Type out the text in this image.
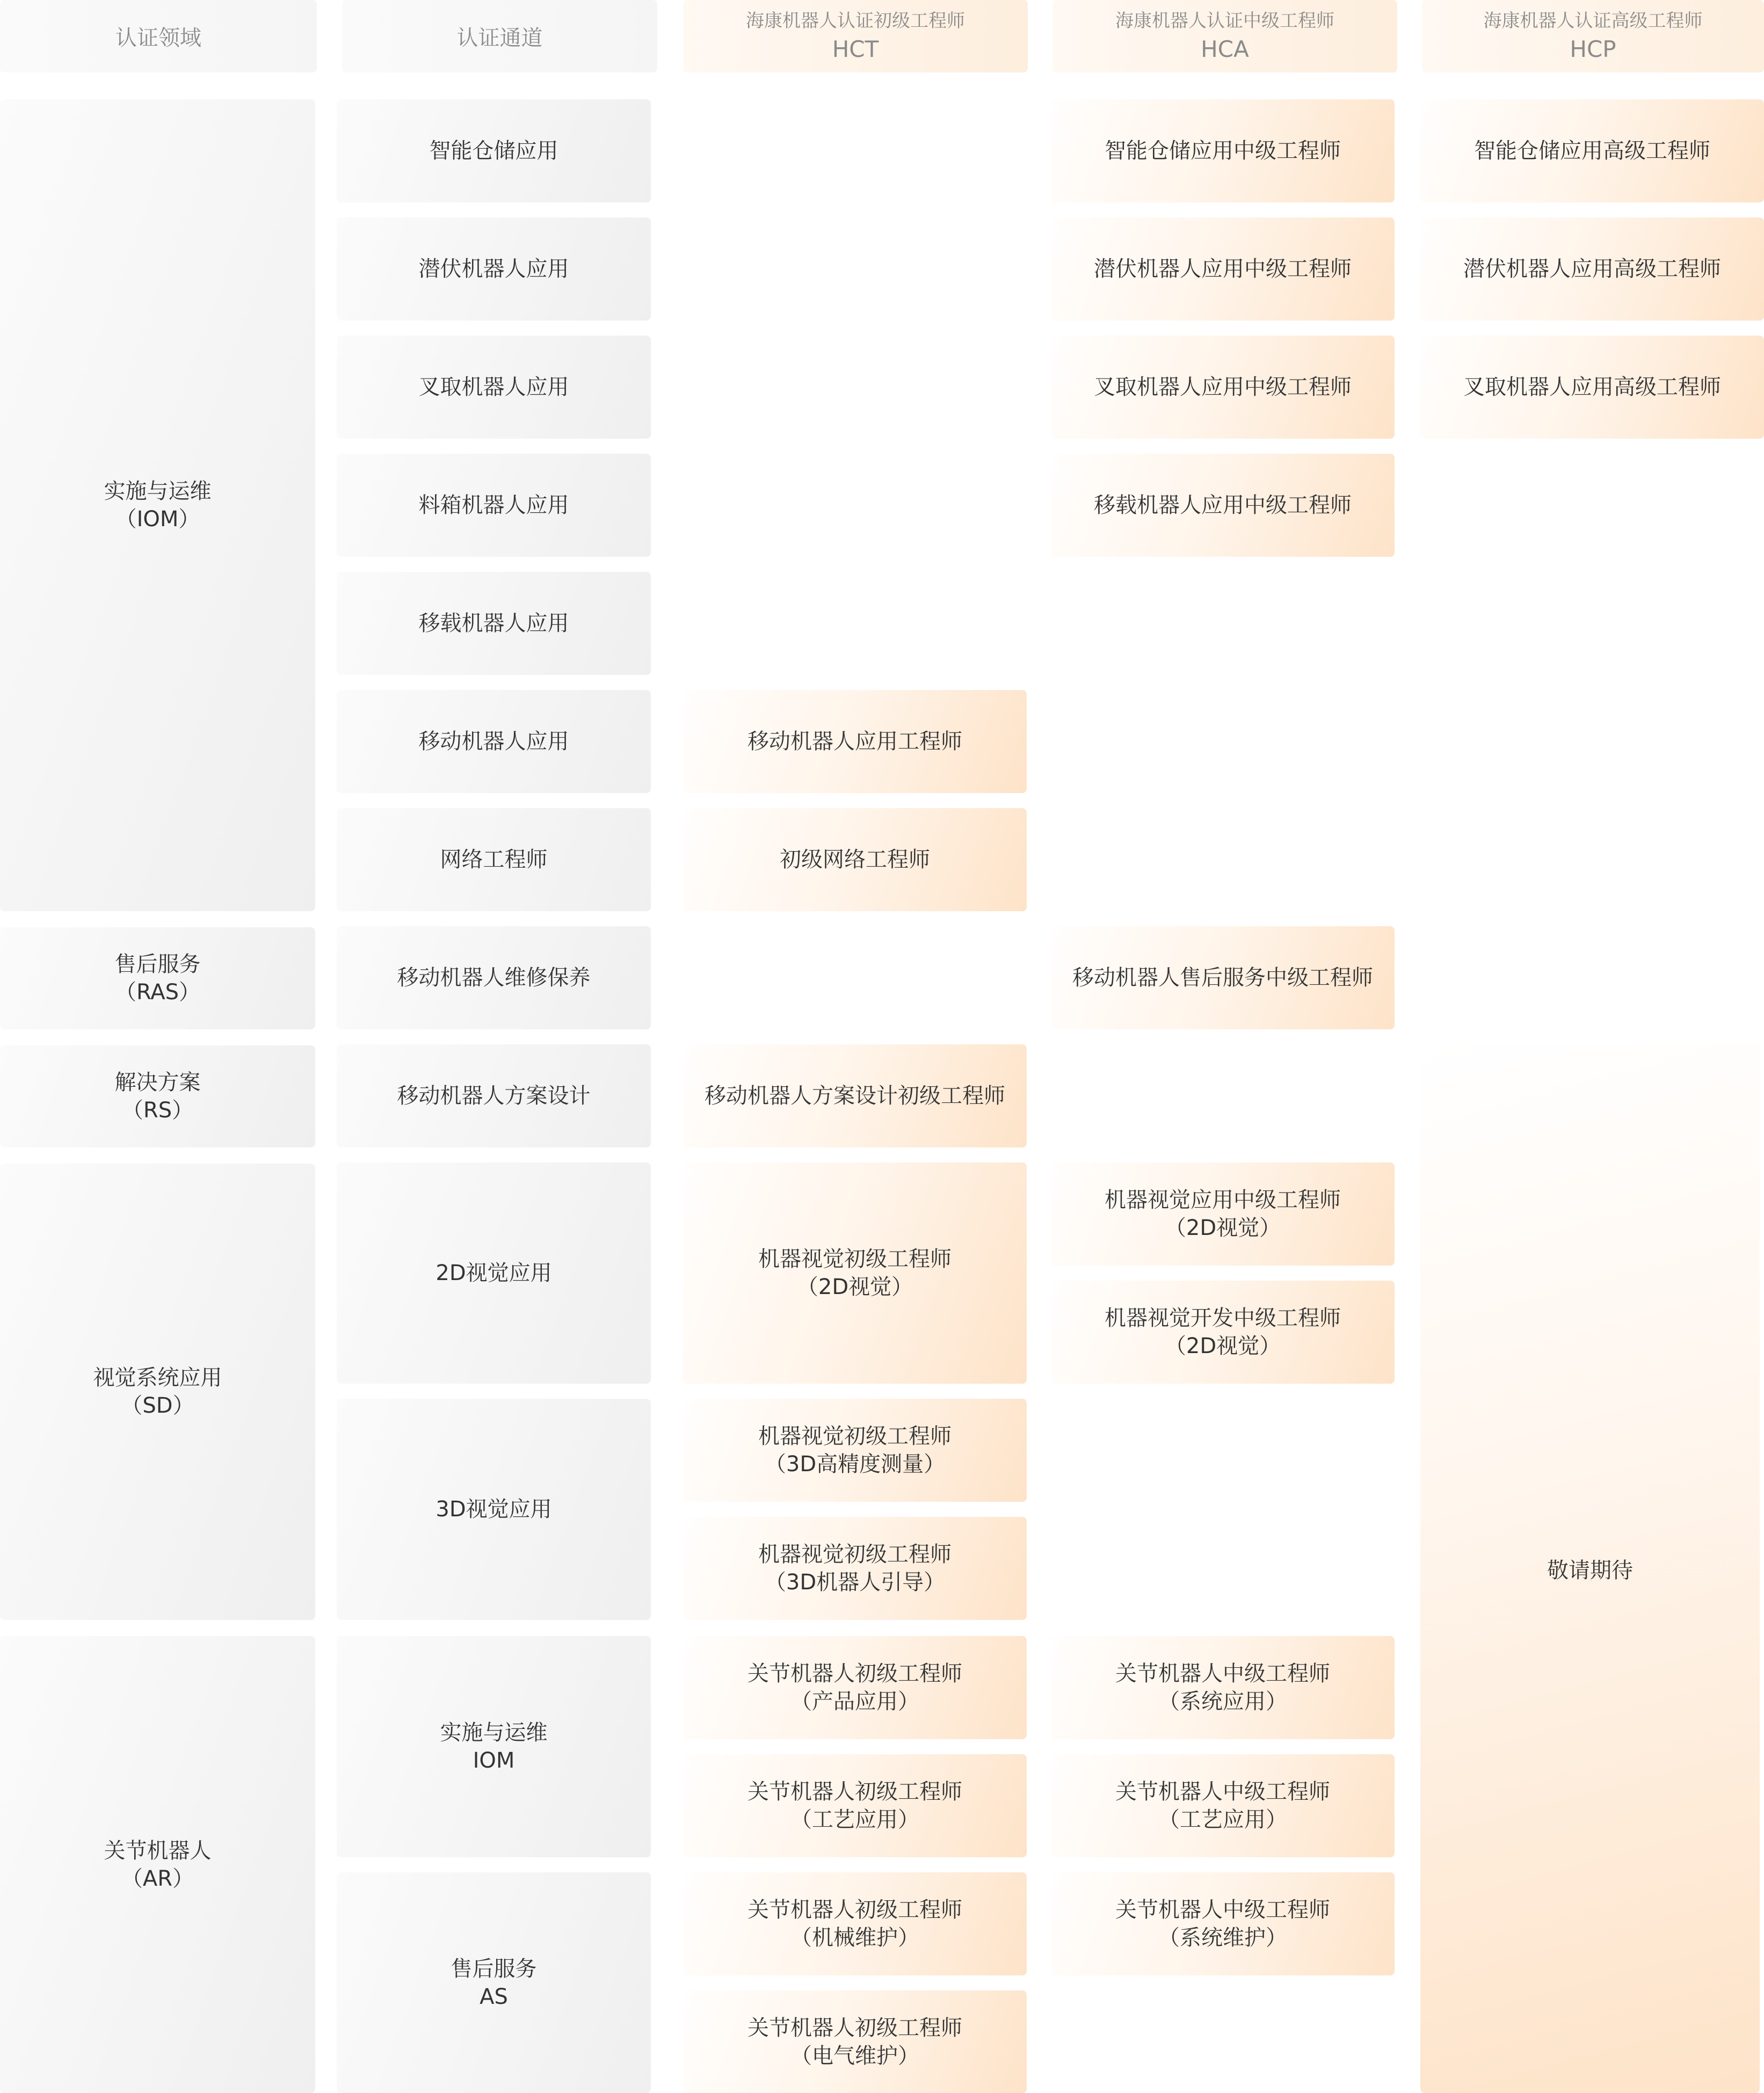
认证领域	认证通道
海康机器人认证初级工程师
HCT
海康机器人认证中级工程师
HCA
海康机器人认证高级工程师
HCP
实施与运维
（IOM）
售后服务
（RAS）
解决方案
（RS）
视觉系统应用
（SD）
关节机器人
（AR）
智能仓储应用
潜伏机器人应用
叉取机器人应用
料箱机器人应用
移载机器人应用
移动机器人应用
网络工程师
移动机器人维修保养
移动机器人方案设计
2D视觉应用
3D视觉应用
实施与运维
IOM
售后服务
AS
移动机器人应用工程师
初级网络工程师
移动机器人方案设计初级工程师
机器视觉初级工程师
（2D视觉）
机器视觉初级工程师
（3D高精度测量）
机器视觉初级工程师
（3D机器人引导）
关节机器人初级工程师
（产品应用）
关节机器人初级工程师
（工艺应用）
关节机器人初级工程师
（机械维护）
关节机器人初级工程师
（电气维护）
智能仓储应用中级工程师
潜伏机器人应用中级工程师
叉取机器人应用中级工程师
移载机器人应用中级工程师
移动机器人售后服务中级工程师
机器视觉应用中级工程师
（2D视觉）
机器视觉开发中级工程师
（2D视觉）
关节机器人中级工程师
（系统应用）
关节机器人中级工程师
（工艺应用）
关节机器人中级工程师
（系统维护）
智能仓储应用高级工程师
潜伏机器人应用高级工程师
叉取机器人应用高级工程师
敬请期待
